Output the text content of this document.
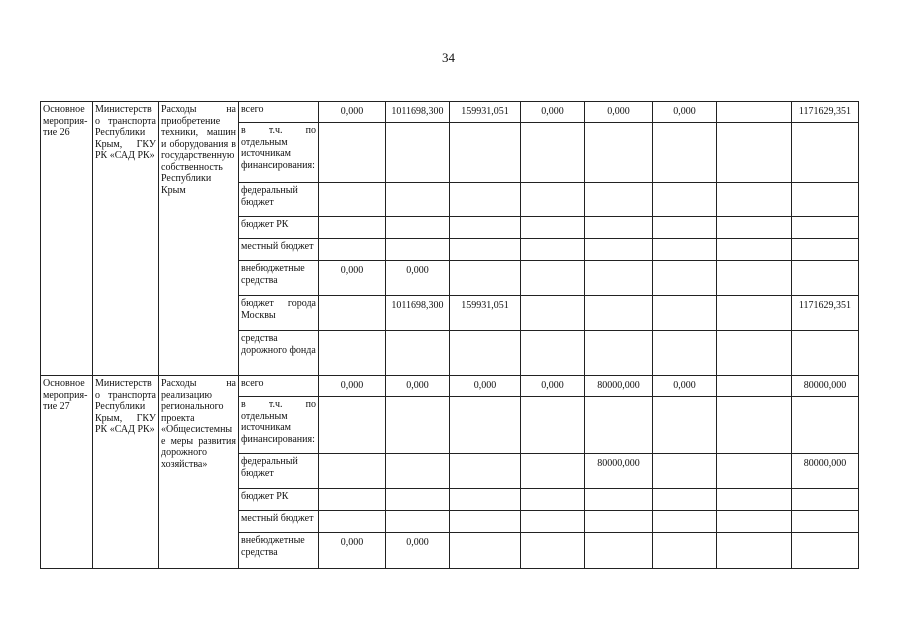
34
Основное мероприя-тие 26	Министерство транспорта Республики Крым, ГКУ РК «САД РК»	Расходы на приобретение техники, машин и оборудования в государственную собственность Республики Крым	всего	0,000	1011698,300	159931,051	0,000	0,000	0,000		1171629,351
			в т.ч. по отдельным источникам финансирования:								
			федеральный бюджет								
			бюджет РК								
			местный бюджет								
			внебюджетные средства	0,000	0,000						
			бюджет города Москвы		1011698,300	159931,051					1171629,351
			средства дорожного фонда								
Основное мероприя-тие 27	Министерство транспорта Республики Крым, ГКУ РК «САД РК»	Расходы на реализацию регионального проекта «Общесистемные меры развития дорожного хозяйства»	всего	0,000	0,000	0,000	0,000	80000,000	0,000		80000,000
			в т.ч. по отдельным источникам финансирования:								
			федеральный бюджет					80000,000			80000,000
			бюджет РК								
			местный бюджет								
			внебюджетные средства	0,000	0,000						
